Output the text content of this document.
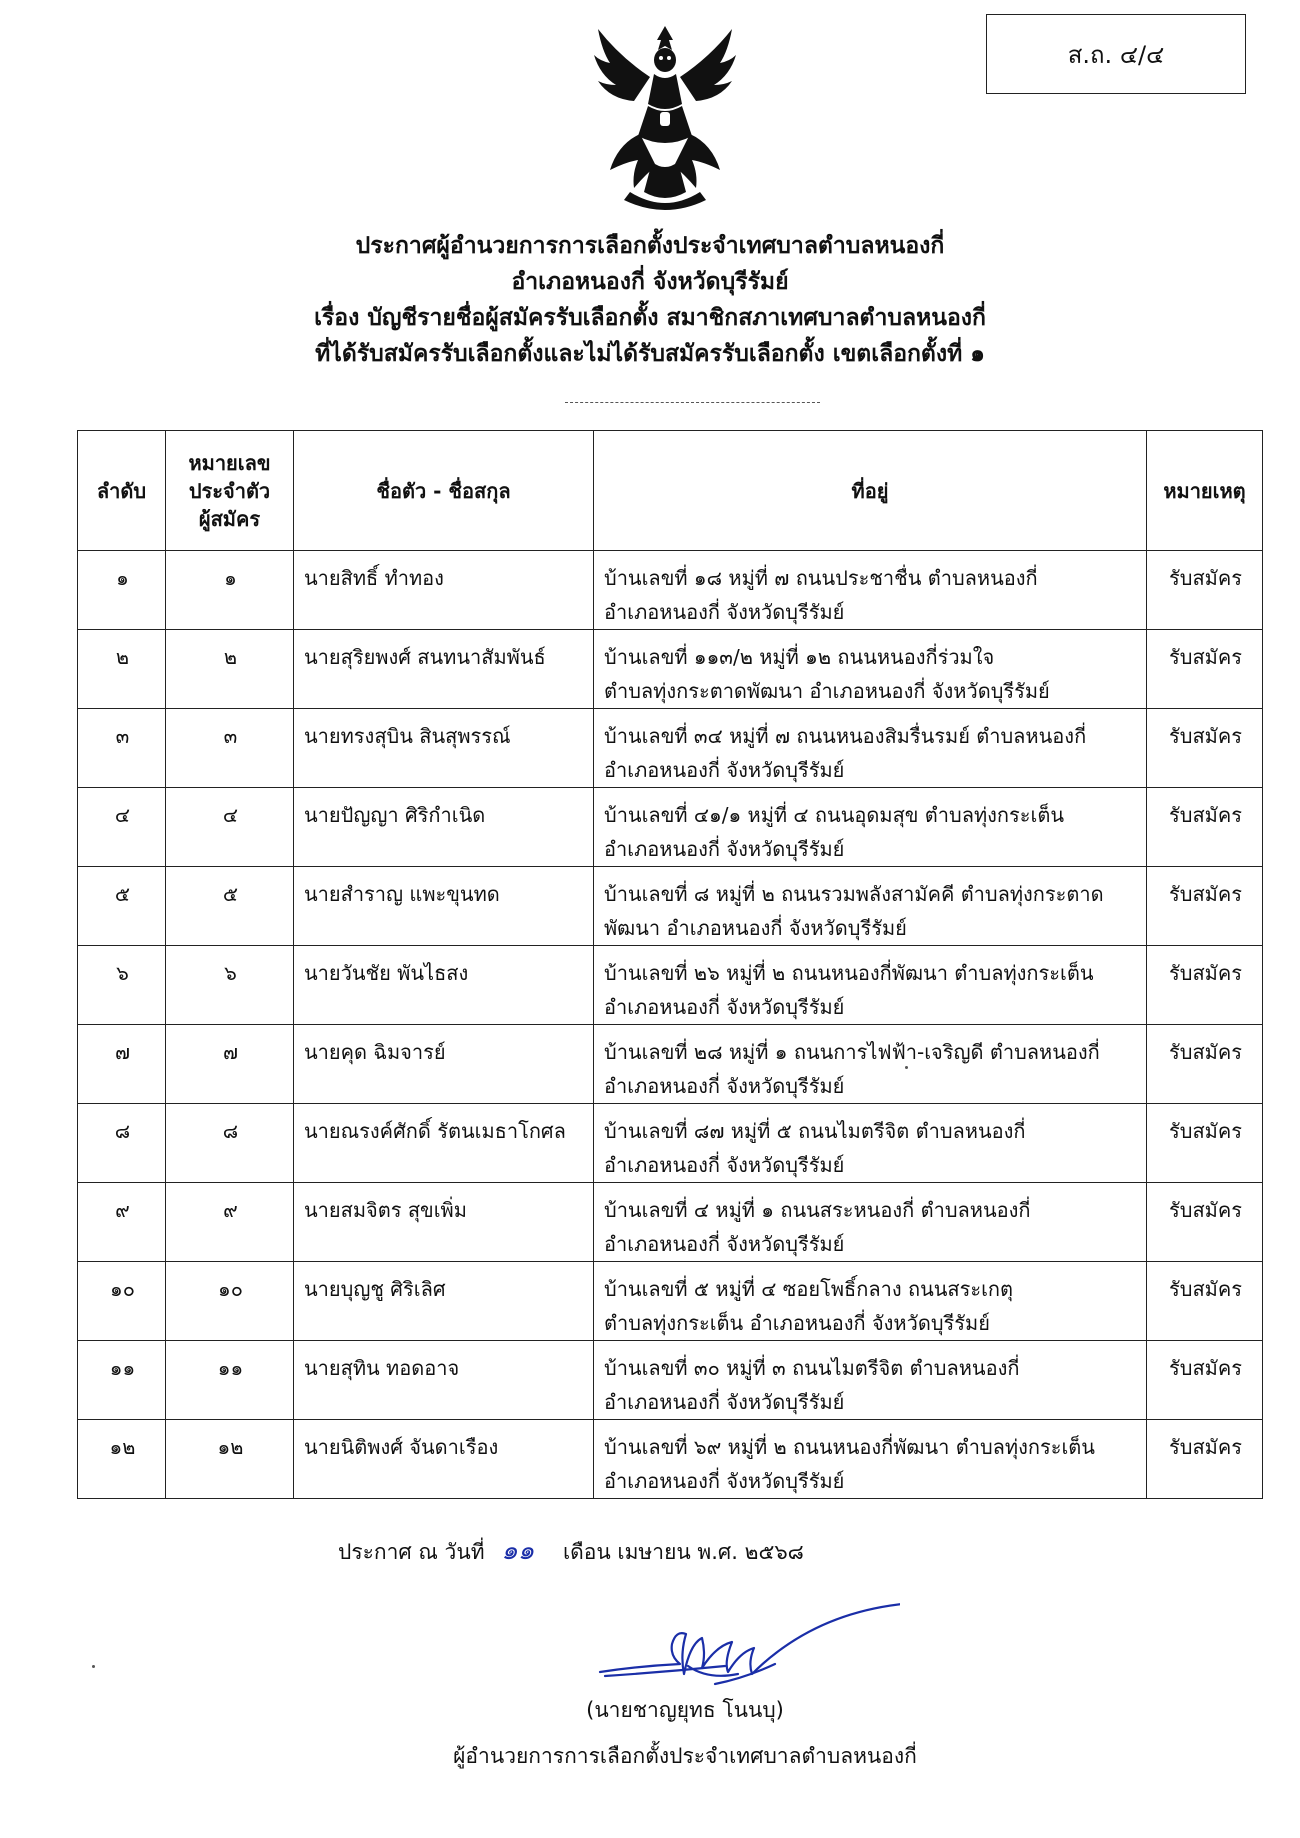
ส.ถ. ๔/๔
ประกาศผู้อำนวยการการเลือกตั้งประจำเทศบาลตำบลหนองกี่
อำเภอหนองกี่ จังหวัดบุรีรัมย์
เรื่อง บัญชีรายชื่อผู้สมัครรับเลือกตั้ง สมาชิกสภาเทศบาลตำบลหนองกี่
ที่ได้รับสมัครรับเลือกตั้งและไม่ได้รับสมัครรับเลือกตั้ง เขตเลือกตั้งที่ ๑
ลำดับ	หมายเลข
ประจำตัว
ผู้สมัคร	ชื่อตัว - ชื่อสกุล	ที่อยู่	หมายเหตุ
๑	๑	นายสิทธิ์ ทำทอง	บ้านเลขที่ ๑๘ หมู่ที่ ๗ ถนนประชาชื่น ตำบลหนองกี่
อำเภอหนองกี่ จังหวัดบุรีรัมย์	รับสมัคร
๒	๒	นายสุริยพงศ์ สนทนาสัมพันธ์	บ้านเลขที่ ๑๑๓/๒ หมู่ที่ ๑๒ ถนนหนองกี่ร่วมใจ
ตำบลทุ่งกระตาดพัฒนา อำเภอหนองกี่ จังหวัดบุรีรัมย์	รับสมัคร
๓	๓	นายทรงสุบิน สินสุพรรณ์	บ้านเลขที่ ๓๔ หมู่ที่ ๗ ถนนหนองสิมรื่นรมย์ ตำบลหนองกี่
อำเภอหนองกี่ จังหวัดบุรีรัมย์	รับสมัคร
๔	๔	นายปัญญา ศิริกำเนิด	บ้านเลขที่ ๔๑/๑ หมู่ที่ ๔ ถนนอุดมสุข ตำบลทุ่งกระเต็น
อำเภอหนองกี่ จังหวัดบุรีรัมย์	รับสมัคร
๕	๕	นายสำราญ แพะขุนทด	บ้านเลขที่ ๘ หมู่ที่ ๒ ถนนรวมพลังสามัคคี ตำบลทุ่งกระตาด
พัฒนา อำเภอหนองกี่ จังหวัดบุรีรัมย์	รับสมัคร
๖	๖	นายวันชัย พันไธสง	บ้านเลขที่ ๒๖ หมู่ที่ ๒ ถนนหนองกี่พัฒนา ตำบลทุ่งกระเต็น
อำเภอหนองกี่ จังหวัดบุรีรัมย์	รับสมัคร
๗	๗	นายคุด ฉิมจารย์	บ้านเลขที่ ๒๘ หมู่ที่ ๑ ถนนการไฟฟ้า-เจริญดี ตำบลหนองกี่
อำเภอหนองกี่ จังหวัดบุรีรัมย์	รับสมัคร
๘	๘	นายณรงค์ศักดิ์ รัตนเมธาโกศล	บ้านเลขที่ ๘๗ หมู่ที่ ๕ ถนนไมตรีจิต ตำบลหนองกี่
อำเภอหนองกี่ จังหวัดบุรีรัมย์	รับสมัคร
๙	๙	นายสมจิตร สุขเพิ่ม	บ้านเลขที่ ๔ หมู่ที่ ๑ ถนนสระหนองกี่ ตำบลหนองกี่
อำเภอหนองกี่ จังหวัดบุรีรัมย์	รับสมัคร
๑๐	๑๐	นายบุญชู ศิริเลิศ	บ้านเลขที่ ๕ หมู่ที่ ๔ ซอยโพธิ์กลาง ถนนสระเกตุ
ตำบลทุ่งกระเต็น อำเภอหนองกี่ จังหวัดบุรีรัมย์	รับสมัคร
๑๑	๑๑	นายสุทิน ทอดอาจ	บ้านเลขที่ ๓๐ หมู่ที่ ๓ ถนนไมตรีจิต ตำบลหนองกี่
อำเภอหนองกี่ จังหวัดบุรีรัมย์	รับสมัคร
๑๒	๑๒	นายนิติพงศ์ จันดาเรือง	บ้านเลขที่ ๖๙ หมู่ที่ ๒ ถนนหนองกี่พัฒนา ตำบลทุ่งกระเต็น
อำเภอหนองกี่ จังหวัดบุรีรัมย์	รับสมัคร
ประกาศ ณ วันที่ ๑๑ เดือน เมษายน พ.ศ. ๒๕๖๘
(นายชาญยุทธ โนนบุ)
ผู้อำนวยการการเลือกตั้งประจำเทศบาลตำบลหนองกี่
